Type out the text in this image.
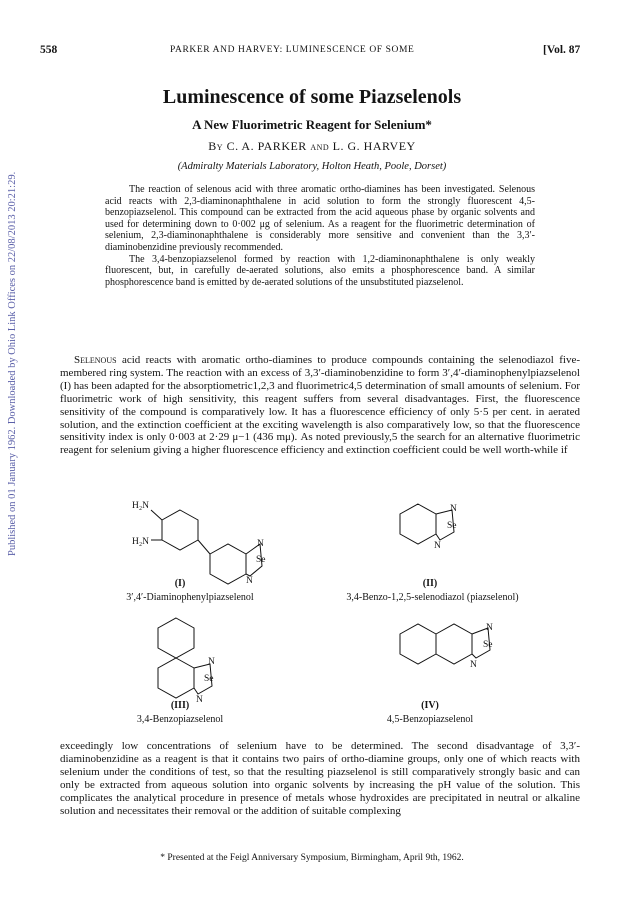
558	PARKER AND HARVEY: LUMINESCENCE OF SOME	[Vol. 87
Published on 01 January 1962. Downloaded by Ohio Link Offices on 22/08/2013 20:21:29.
Luminescence of some Piazselenols
A New Fluorimetric Reagent for Selenium*
By C. A. PARKER and L. G. HARVEY
(Admiralty Materials Laboratory, Holton Heath, Poole, Dorset)

The reaction of selenous acid with three aromatic ortho-diamines has been investigated. Selenous acid reacts with 2,3-diaminonaphthalene in acid solution to form the strongly fluorescent 4,5-benzopiazselenol. This compound can be extracted from the acid aqueous phase by organic solvents and used for determining down to 0·002 μg of selenium. As a reagent for the fluorimetric determination of selenium, 2,3-diaminonaphthalene is considerably more sensitive and convenient than the 3,3′-diaminobenzidine previously recommended.

The 3,4-benzopiazselenol formed by reaction with 1,2-diaminonaphthalene is only weakly fluorescent, but, in carefully de-aerated solutions, also emits a phosphorescence band. A similar phosphorescence band is emitted by de-aerated solutions of the unsubstituted piazselenol.

Selenous acid reacts with aromatic ortho-diamines to produce compounds containing the selenodiazol five-membered ring system. The reaction with an excess of 3,3′-diaminobenzidine to form 3′,4′-diaminophenylpiazselenol (I) has been adapted for the absorptiometric1,2,3 and fluorimetric4,5 determination of small amounts of selenium. For fluorimetric work of high sensitivity, this reagent suffers from several disadvantages. First, the fluorescence sensitivity of the compound is comparatively low. It has a fluorescence efficiency of only 5·5 per cent. in aerated solution, and the extinction coefficient at the exciting wavelength is also comparatively low, so that the fluorescence sensitivity index is only 0·003 at 2·29 μ−1 (436 mμ). As noted previously,5 the search for an alternative fluorimetric reagent for selenium giving a higher fluorescence efficiency and extinction coefficient could be well worth-while if

H₂N
H₂N	N
Se
N
N
Se
N
N
Se
N
N
Se
N
(I)
3′,4′-Diaminophenylpiazselenol
(II)
3,4-Benzo-1,2,5-selenodiazol (piazselenol)
(III)
3,4-Benzopiazselenol
(IV)
4,5-Benzopiazselenol

exceedingly low concentrations of selenium have to be determined. The second disadvantage of 3,3′-diaminobenzidine as a reagent is that it contains two pairs of ortho-diamine groups, only one of which reacts with selenium under the conditions of test, so that the resulting piazselenol is still comparatively strongly basic and can only be extracted from aqueous solution into organic solvents by increasing the pH value of the solution. This complicates the analytical procedure in presence of metals whose hydroxides are precipitated in neutral or alkaline solution and necessitates their removal or the addition of suitable complexing

* Presented at the Feigl Anniversary Symposium, Birmingham, April 9th, 1962.
